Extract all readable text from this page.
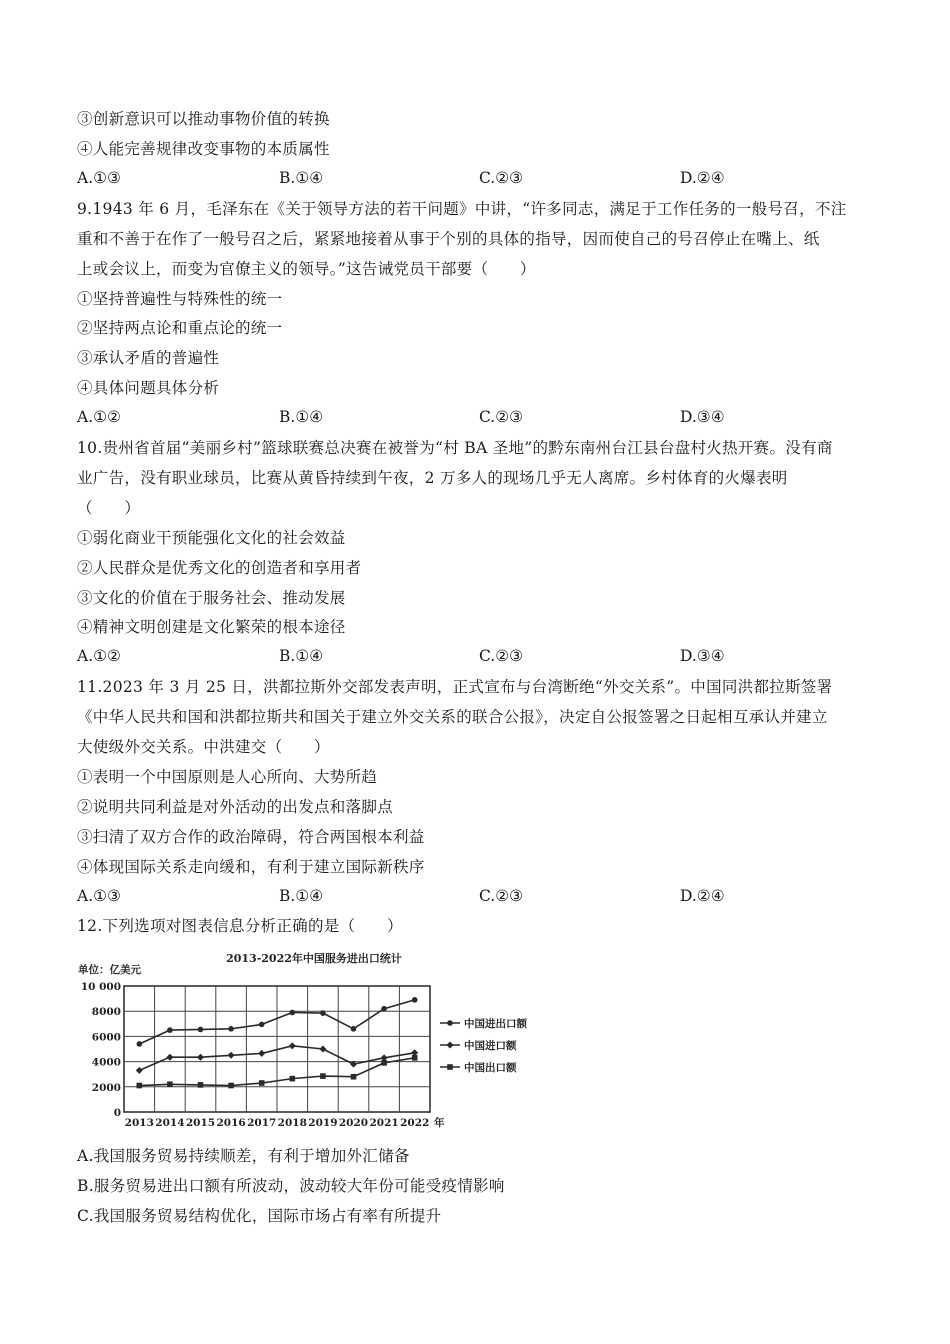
③创新意识可以推动事物价值的转换
④人能完善规律改变事物的本质属性
A.①③	B.①④	C.②③	D.②④
9.1943 年 6 月，毛泽东在《关于领导方法的若干问题》中讲，“许多同志，满足于工作任务的一般号召，不注
重和不善于在作了一般号召之后，紧紧地接着从事于个别的具体的指导，因而使自己的号召停止在嘴上、纸
上或会议上，而变为官僚主义的领导。”这告诫党员干部要（　　）
①坚持普遍性与特殊性的统一
②坚持两点论和重点论的统一
③承认矛盾的普遍性
④具体问题具体分析
A.①②	B.①④	C.②③	D.③④
10.贵州省首届“美丽乡村”篮球联赛总决赛在被誉为“村 BA 圣地”的黔东南州台江县台盘村火热开赛。没有商
业广告，没有职业球员，比赛从黄昏持续到午夜，2 万多人的现场几乎无人离席。乡村体育的火爆表明
（　　）
①弱化商业干预能强化文化的社会效益
②人民群众是优秀文化的创造者和享用者
③文化的价值在于服务社会、推动发展
④精神文明创建是文化繁荣的根本途径
A.①②	B.①④	C.②③	D.③④
11.2023 年 3 月 25 日，洪都拉斯外交部发表声明，正式宣布与台湾断绝“外交关系”。中国同洪都拉斯签署
《中华人民共和国和洪都拉斯共和国关于建立外交关系的联合公报》，决定自公报签署之日起相互承认并建立
大使级外交关系。中洪建交（　　）
①表明一个中国原则是人心所向、大势所趋
②说明共同利益是对外活动的出发点和落脚点
③扫清了双方合作的政治障碍，符合两国根本利益
④体现国际关系走向缓和，有利于建立国际新秩序
A.①③	B.①④	C.②③	D.②④
12.下列选项对图表信息分析正确的是（　　）
2013-2022年中国服务进出口统计
单位：亿美元
0
2000
4000
6000
8000
10 000
2013 2014 2015 2016 2017 2018 2019 2020 2021 2022 年
中国进出口额
中国进口额
中国出口额
A.我国服务贸易持续顺差，有利于增加外汇储备
B.服务贸易进出口额有所波动，波动较大年份可能受疫情影响
C.我国服务贸易结构优化，国际市场占有率有所提升
